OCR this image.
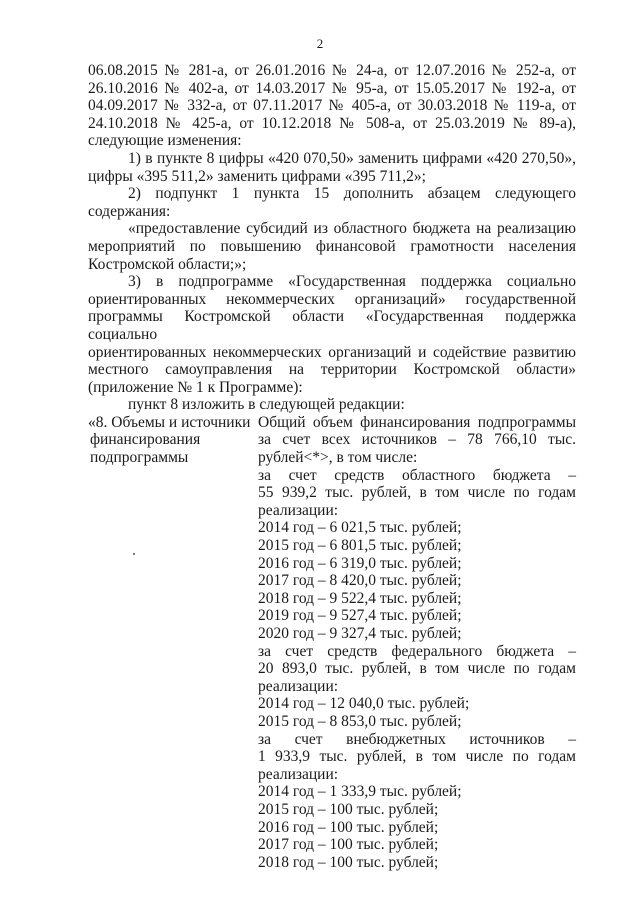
2

06.08.2015 № 281-а, от 26.01.2016 № 24-а, от 12.07.2016 № 252-а, от

26.10.2016 № 402-а, от 14.03.2017 № 95-а, от 15.05.2017 № 192-а, от

04.09.2017 № 332-а, от 07.11.2017 № 405-а, от 30.03.2018 № 119-а, от

24.10.2018 № 425-а, от 10.12.2018 № 508-а, от 25.03.2019 № 89-а),

следующие изменения:

1) в пункте 8 цифры «420 070,50» заменить цифрами «420 270,50»,

цифры «395 511,2» заменить цифрами «395 711,2»;

2) подпункт 1 пункта 15 дополнить абзацем следующего содержания:

«предоставление субсидий из областного бюджета на реализацию

мероприятий по повышению финансовой грамотности населения

Костромской области;»;

3) в подпрограмме «Государственная поддержка социально

ориентированных некоммерческих организаций» государственной

программы Костромской области «Государственная поддержка социально

ориентированных некоммерческих организаций и содействие развитию

местного самоуправления на территории Костромской области»

(приложение № 1 к Программе):

пункт 8 изложить в следующей редакции:

«8. Объемы и источники

финансирования

подпрограммы

Общий объем финансирования подпрограммы

за счет всех источников – 78 766,10 тыс.

рублей<*>, в том числе:

за счет средств областного бюджета –

55 939,2 тыс. рублей, в том числе по годам

реализации:

2014 год – 6 021,5 тыс. рублей;

2015 год – 6 801,5 тыс. рублей;

2016 год – 6 319,0 тыс. рублей;

2017 год – 8 420,0 тыс. рублей;

2018 год – 9 522,4 тыс. рублей;

2019 год – 9 527,4 тыс. рублей;

2020 год – 9 327,4 тыс. рублей;

за счет средств федерального бюджета –

20 893,0 тыс. рублей, в том числе по годам

реализации:

2014 год – 12 040,0 тыс. рублей;

2015 год – 8 853,0 тыс. рублей;

за счет внебюджетных источников –

1 933,9 тыс. рублей, в том числе по годам

реализации:

2014 год – 1 333,9 тыс. рублей;

2015 год – 100 тыс. рублей;

2016 год – 100 тыс. рублей;

2017 год – 100 тыс. рублей;

2018 год – 100 тыс. рублей;
